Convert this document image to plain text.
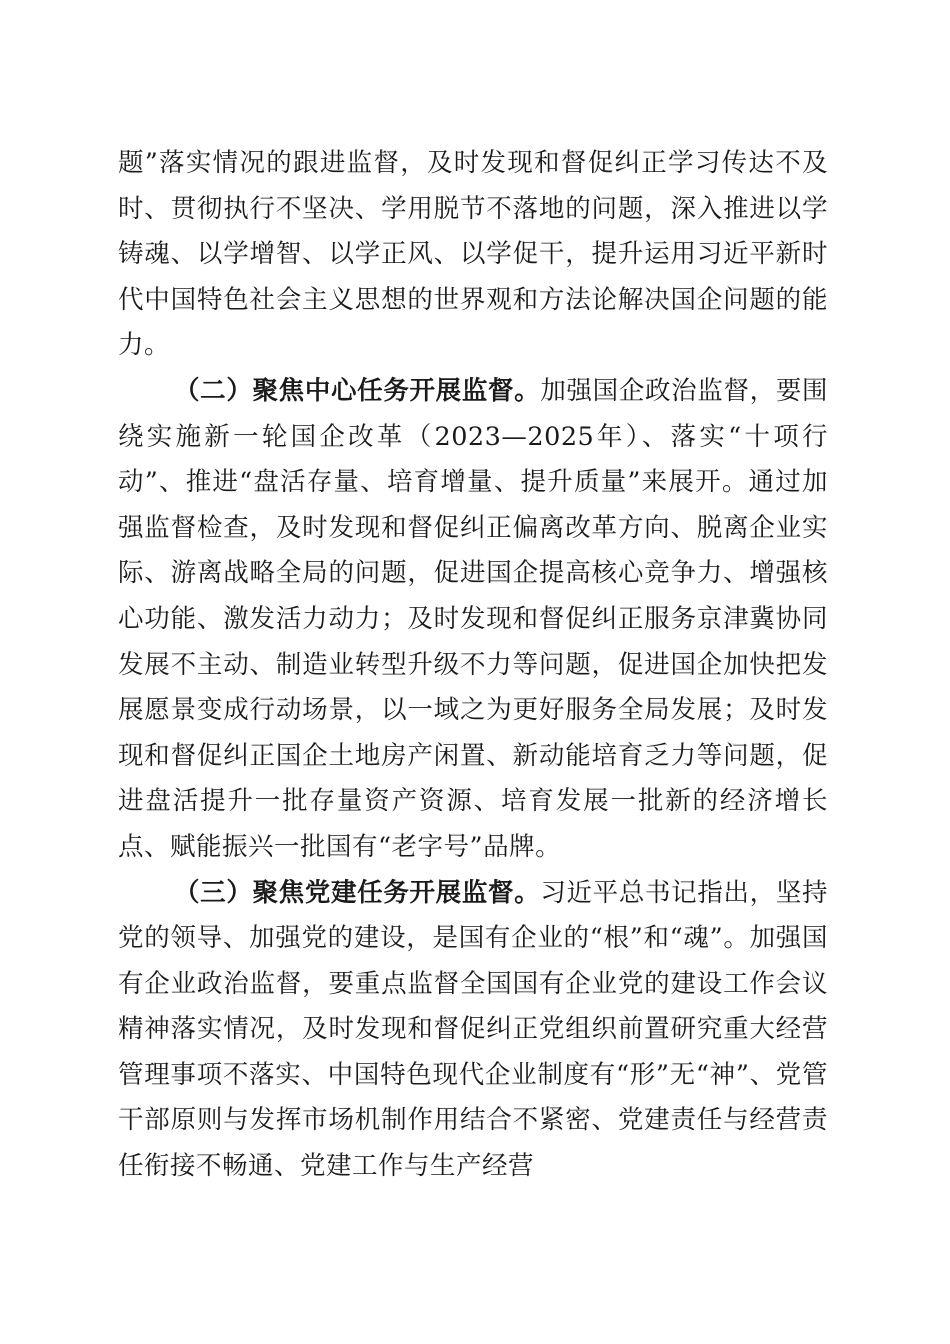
题”落实情况的跟进监督，及时发现和督促纠正学习传达不及时、贯彻执行不坚决、学用脱节不落地的问题，深入推进以学铸魂、以学增智、以学正风、以学促干，提升运用习近平新时代中国特色社会主义思想的世界观和方法论解决国企问题的能力。

（二）聚焦中心任务开展监督。加强国企政治监督，要围绕实施新一轮国企改革（2023—2025年）、落实“十项行动”、推进“盘活存量、培育增量、提升质量”来展开。通过加强监督检查，及时发现和督促纠正偏离改革方向、脱离企业实际、游离战略全局的问题，促进国企提高核心竞争力、增强核心功能、激发活力动力；及时发现和督促纠正服务京津冀协同发展不主动、制造业转型升级不力等问题，促进国企加快把发展愿景变成行动场景，以一域之为更好服务全局发展；及时发现和督促纠正国企土地房产闲置、新动能培育乏力等问题，促进盘活提升一批存量资产资源、培育发展一批新的经济增长点、赋能振兴一批国有“老字号”品牌。

（三）聚焦党建任务开展监督。习近平总书记指出，坚持党的领导、加强党的建设，是国有企业的“根”和“魂”。加强国有企业政治监督，要重点监督全国国有企业党的建设工作会议精神落实情况，及时发现和督促纠正党组织前置研究重大经营管理事项不落实、中国特色现代企业制度有“形”无“神”、党管干部原则与发挥市场机制作用结合不紧密、党建责任与经营责任衔接不畅通、党建工作与生产经营
